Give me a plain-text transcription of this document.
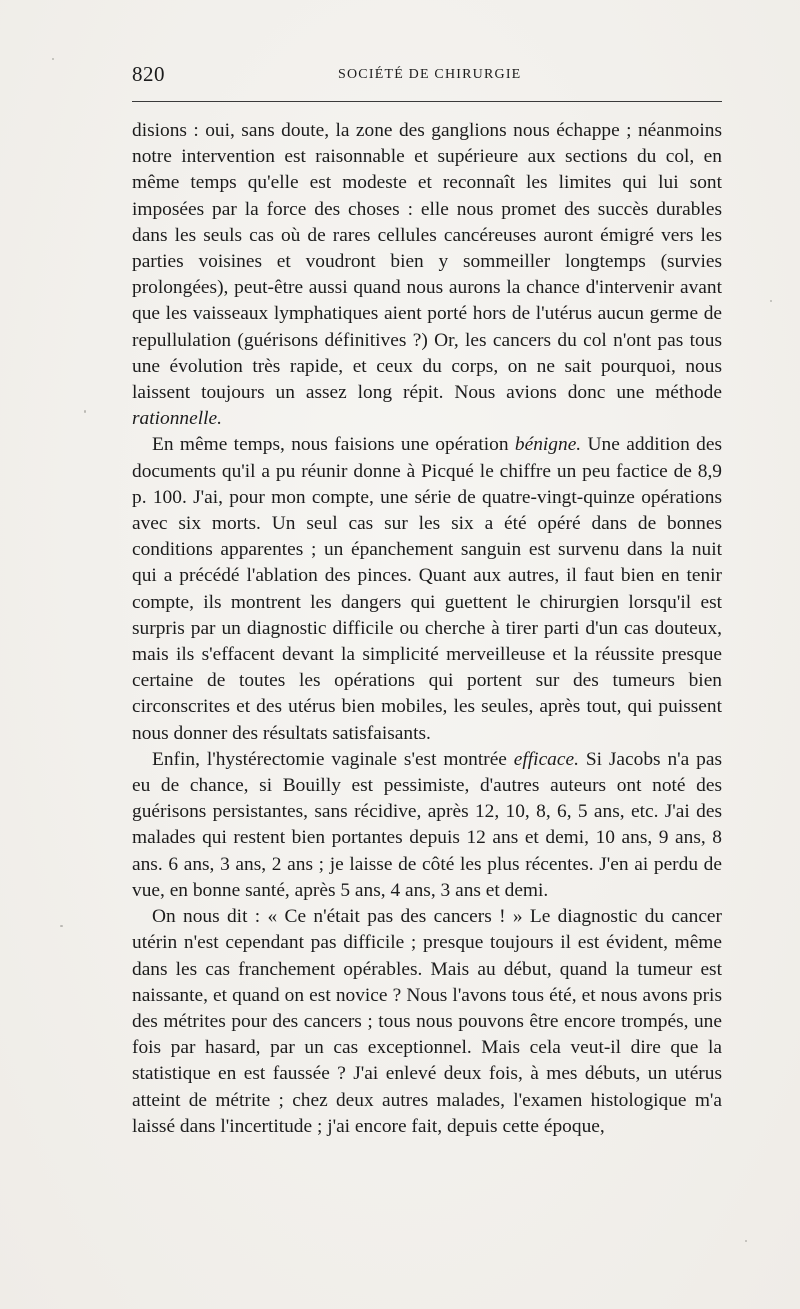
820	SOCIÉTÉ DE CHIRURGIE

disions : oui, sans doute, la zone des ganglions nous échappe ; néanmoins notre intervention est raisonnable et supérieure aux sections du col, en même temps qu'elle est modeste et reconnaît les limites qui lui sont imposées par la force des choses : elle nous promet des succès durables dans les seuls cas où de rares cellules cancéreuses auront émigré vers les parties voisines et voudront bien y sommeiller longtemps (survies prolongées), peut-être aussi quand nous aurons la chance d'intervenir avant que les vaisseaux lymphatiques aient porté hors de l'utérus aucun germe de repullulation (guérisons définitives ?) Or, les cancers du col n'ont pas tous une évolution très rapide, et ceux du corps, on ne sait pourquoi, nous laissent toujours un assez long répit. Nous avions donc une méthode rationnelle.

En même temps, nous faisions une opération bénigne. Une addition des documents qu'il a pu réunir donne à Picqué le chiffre un peu factice de 8,9 p. 100. J'ai, pour mon compte, une série de quatre-vingt-quinze opérations avec six morts. Un seul cas sur les six a été opéré dans de bonnes conditions apparentes ; un épanchement sanguin est survenu dans la nuit qui a précédé l'ablation des pinces. Quant aux autres, il faut bien en tenir compte, ils montrent les dangers qui guettent le chirurgien lorsqu'il est surpris par un diagnostic difficile ou cherche à tirer parti d'un cas douteux, mais ils s'effacent devant la simplicité merveilleuse et la réussite presque certaine de toutes les opérations qui portent sur des tumeurs bien circonscrites et des utérus bien mobiles, les seules, après tout, qui puissent nous donner des résultats satisfaisants.

Enfin, l'hystérectomie vaginale s'est montrée efficace. Si Jacobs n'a pas eu de chance, si Bouilly est pessimiste, d'autres auteurs ont noté des guérisons persistantes, sans récidive, après 12, 10, 8, 6, 5 ans, etc. J'ai des malades qui restent bien portantes depuis 12 ans et demi, 10 ans, 9 ans, 8 ans. 6 ans, 3 ans, 2 ans ; je laisse de côté les plus récentes. J'en ai perdu de vue, en bonne santé, après 5 ans, 4 ans, 3 ans et demi.

On nous dit : « Ce n'était pas des cancers ! » Le diagnostic du cancer utérin n'est cependant pas difficile ; presque toujours il est évident, même dans les cas franchement opérables. Mais au début, quand la tumeur est naissante, et quand on est novice ? Nous l'avons tous été, et nous avons pris des métrites pour des cancers ; tous nous pouvons être encore trompés, une fois par hasard, par un cas exceptionnel. Mais cela veut-il dire que la statistique en est faussée ? J'ai enlevé deux fois, à mes débuts, un utérus atteint de métrite ; chez deux autres malades, l'examen histologique m'a laissé dans l'incertitude ; j'ai encore fait, depuis cette époque,
